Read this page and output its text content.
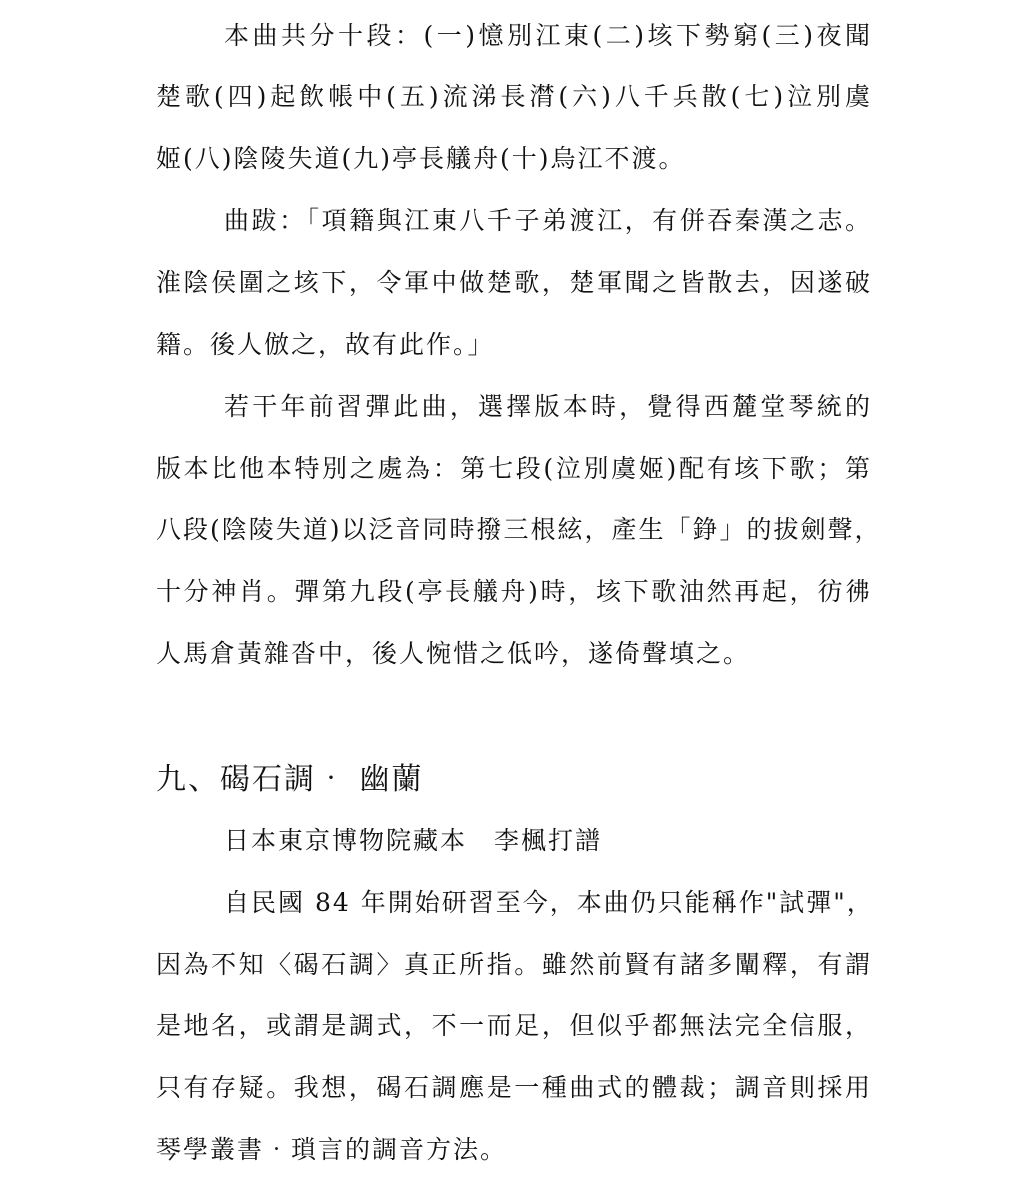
本曲共分十段：(一)憶別江東(二)垓下勢窮(三)夜聞
楚歌(四)起飲帳中(五)流涕長潸(六)八千兵散(七)泣別虞
姬(八)陰陵失道(九)亭長艤舟(十)烏江不渡。
曲跋：「項籍與江東八千子弟渡江，有併吞秦漢之志。
淮陰侯圍之垓下，令軍中做楚歌，楚軍聞之皆散去，因遂破
籍。後人倣之，故有此作。」
若干年前習彈此曲，選擇版本時，覺得西麓堂琴統的
版本比他本特別之處為：第七段(泣別虞姬)配有垓下歌；第
八段(陰陵失道)以泛音同時撥三根絃，產生「錚」的拔劍聲，
十分神肖。彈第九段(亭長艤舟)時，垓下歌油然再起，彷彿
人馬倉黃雜沓中，後人惋惜之低吟，遂倚聲填之。
九、碣石調‧ 幽蘭
日本東京博物院藏本　李楓打譜
自民國 84 年開始研習至今，本曲仍只能稱作"試彈"，
因為不知〈碣石調〉真正所指。雖然前賢有諸多闡釋，有謂
是地名，或謂是調式，不一而足，但似乎都無法完全信服，
只有存疑。我想，碣石調應是一種曲式的體裁；調音則採用
琴學叢書‧瑣言的調音方法。
